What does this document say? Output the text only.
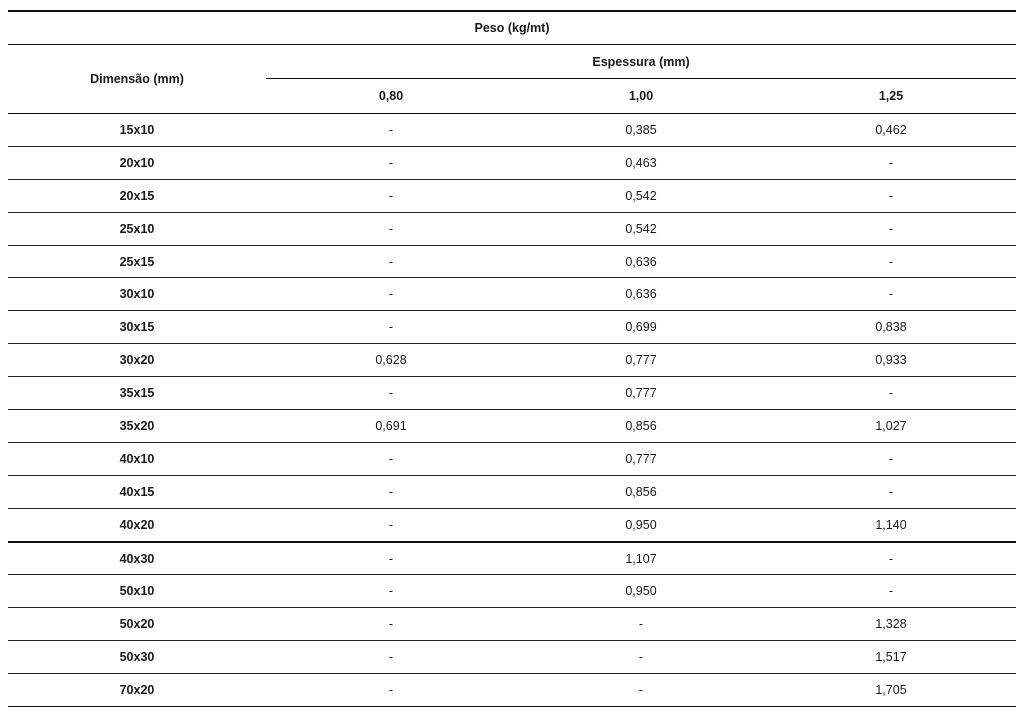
Peso (kg/mt)			
Dimensão (mm)	Espessura (mm)		
	0,80	1,00	1,25
15x10	-	0,385	0,462
20x10	-	0,463	-
20x15	-	0,542	-
25x10	-	0,542	-
25x15	-	0,636	-
30x10	-	0,636	-
30x15	-	0,699	0,838
30x20	0,628	0,777	0,933
35x15	-	0,777	-
35x20	0,691	0,856	1,027
40x10	-	0,777	-
40x15	-	0,856	-
40x20	-	0,950	1,140
40x30	-	1,107	-
50x10	-	0,950	-
50x20	-	-	1,328
50x30	-	-	1,517
70x20	-	-	1,705
